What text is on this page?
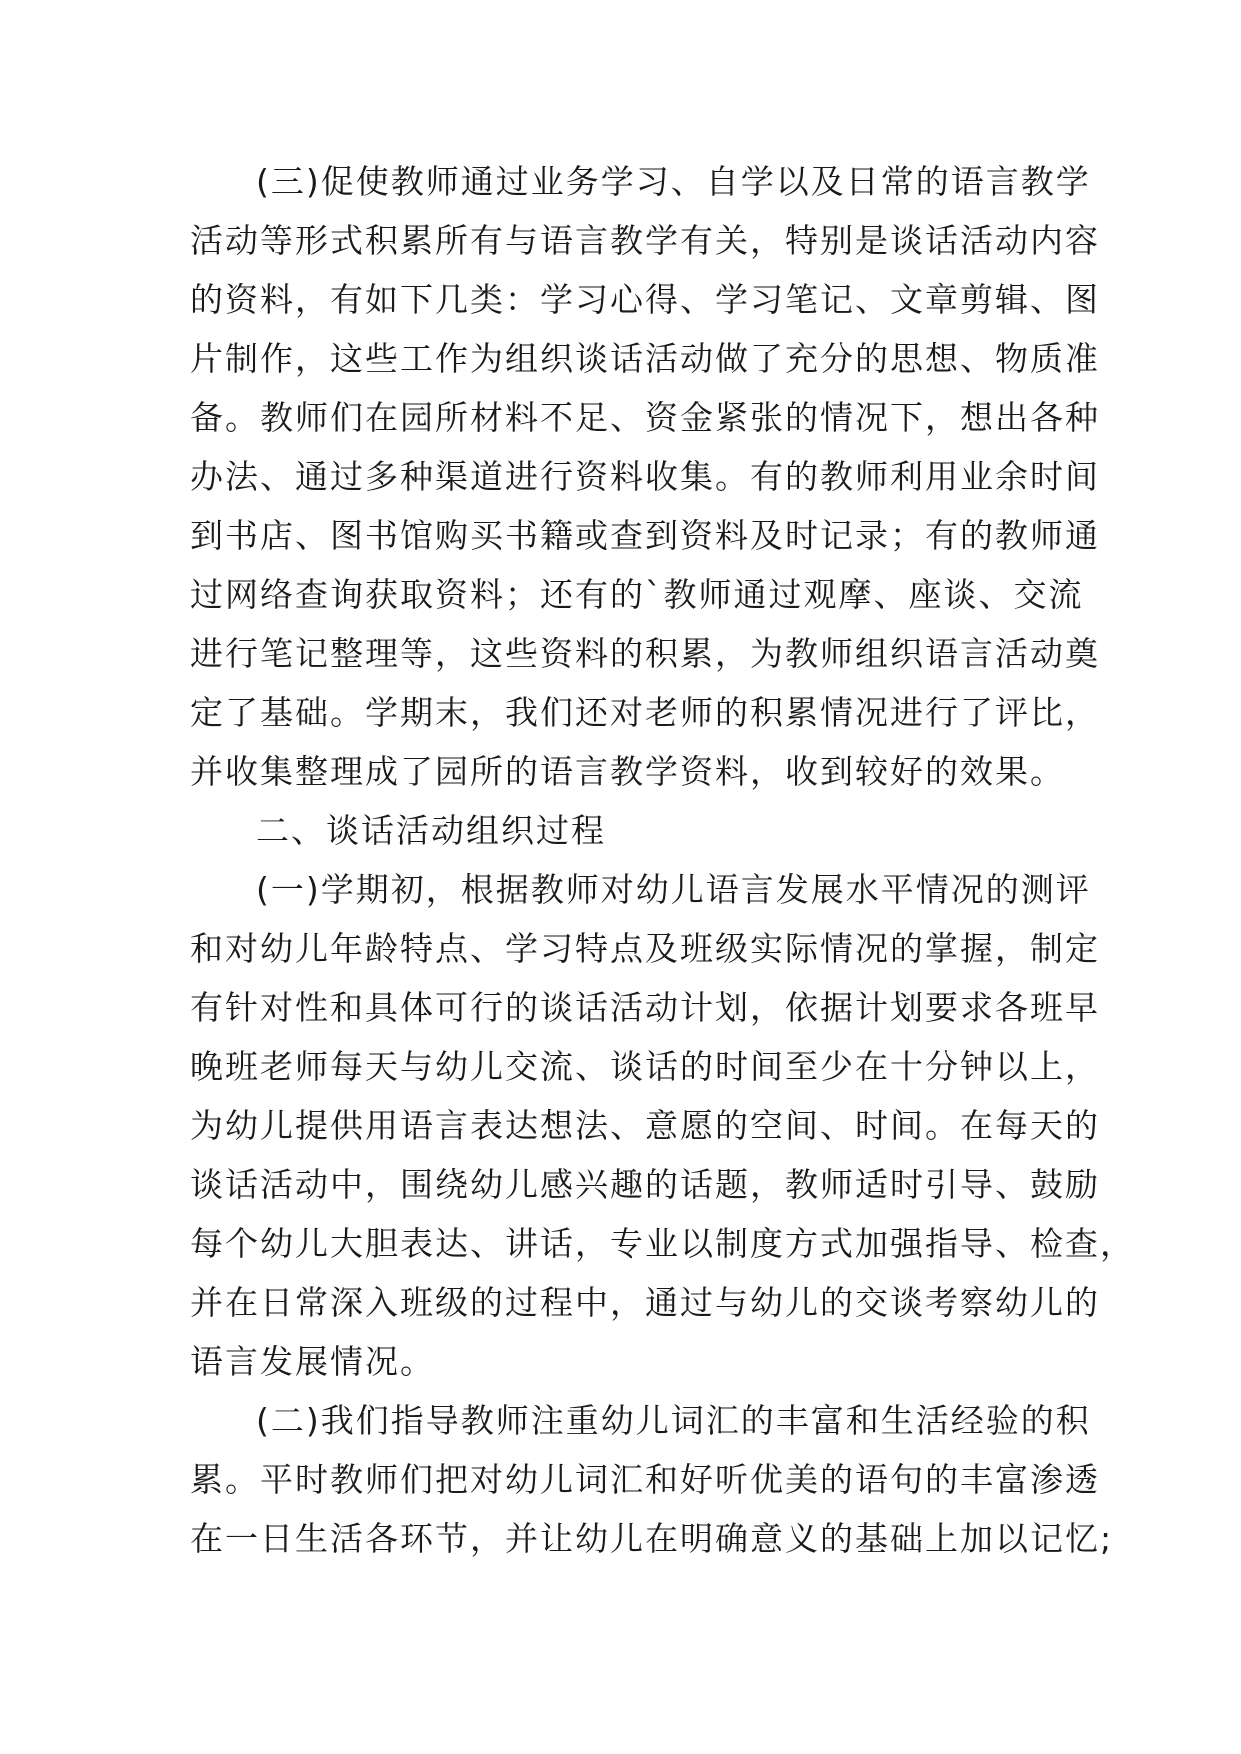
(三)促使教师通过业务学习、自学以及日常的语言教学
活动等形式积累所有与语言教学有关，特别是谈话活动内容
的资料，有如下几类：学习心得、学习笔记、文章剪辑、图
片制作，这些工作为组织谈话活动做了充分的思想、物质准
备。教师们在园所材料不足、资金紧张的情况下，想出各种
办法、通过多种渠道进行资料收集。有的教师利用业余时间
到书店、图书馆购买书籍或查到资料及时记录；有的教师通
过网络查询获取资料；还有的`教师通过观摩、座谈、交流
进行笔记整理等，这些资料的积累，为教师组织语言活动奠
定了基础。学期末，我们还对老师的积累情况进行了评比，
并收集整理成了园所的语言教学资料，收到较好的效果。
二、谈话活动组织过程
(一)学期初，根据教师对幼儿语言发展水平情况的测评
和对幼儿年龄特点、学习特点及班级实际情况的掌握，制定
有针对性和具体可行的谈话活动计划，依据计划要求各班早
晚班老师每天与幼儿交流、谈话的时间至少在十分钟以上，
为幼儿提供用语言表达想法、意愿的空间、时间。在每天的
谈话活动中，围绕幼儿感兴趣的话题，教师适时引导、鼓励
每个幼儿大胆表达、讲话，专业以制度方式加强指导、检查，
并在日常深入班级的过程中，通过与幼儿的交谈考察幼儿的
语言发展情况。
(二)我们指导教师注重幼儿词汇的丰富和生活经验的积
累。平时教师们把对幼儿词汇和好听优美的语句的丰富渗透
在一日生活各环节，并让幼儿在明确意义的基础上加以记忆;
